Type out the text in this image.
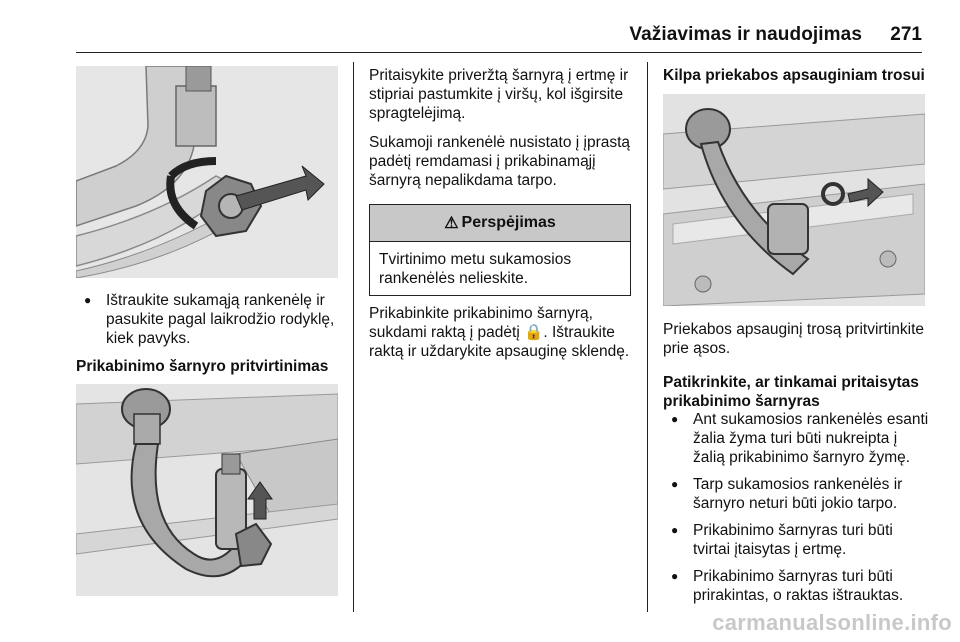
Važiavimas ir naudojimas 271
● Ištraukite sukamąją rankenėlę ir pasukite pagal laikrodžio rodyklę, kiek pavyks.
Prikabinimo šarnyro pritvirtinimas

Pritaisykite priveržtą šarnyrą į ertmę ir stipriai pastumkite į viršų, kol išgirsite spragtelėjimą.

Sukamoji rankenėlė nusistato į įprastą padėtį remdamasi į prikabinamąjį šarnyrą nepalikdama tarpo.

⚠ Perspėjimas
Tvirtinimo metu sukamosios rankenėlės nelieskite.

Prikabinkite prikabinimo šarnyrą, sukdami raktą į padėtį 🔒. Ištraukite raktą ir uždarykite apsauginę sklendę.

Kilpa priekabos apsauginiam trosui

Priekabos apsauginį trosą pritvirtinkite prie ąsos.

Patikrinkite, ar tinkamai pritaisytas prikabinimo šarnyras
● Ant sukamosios rankenėlės esanti žalia žyma turi būti nukreipta į žalią prikabinimo šarnyro žymę.
● Tarp sukamosios rankenėlės ir šarnyro neturi būti jokio tarpo.
● Prikabinimo šarnyras turi būti tvirtai įtaisytas į ertmę.
● Prikabinimo šarnyras turi būti prirakintas, o raktas ištrauktas.
carmanualsonline.info
